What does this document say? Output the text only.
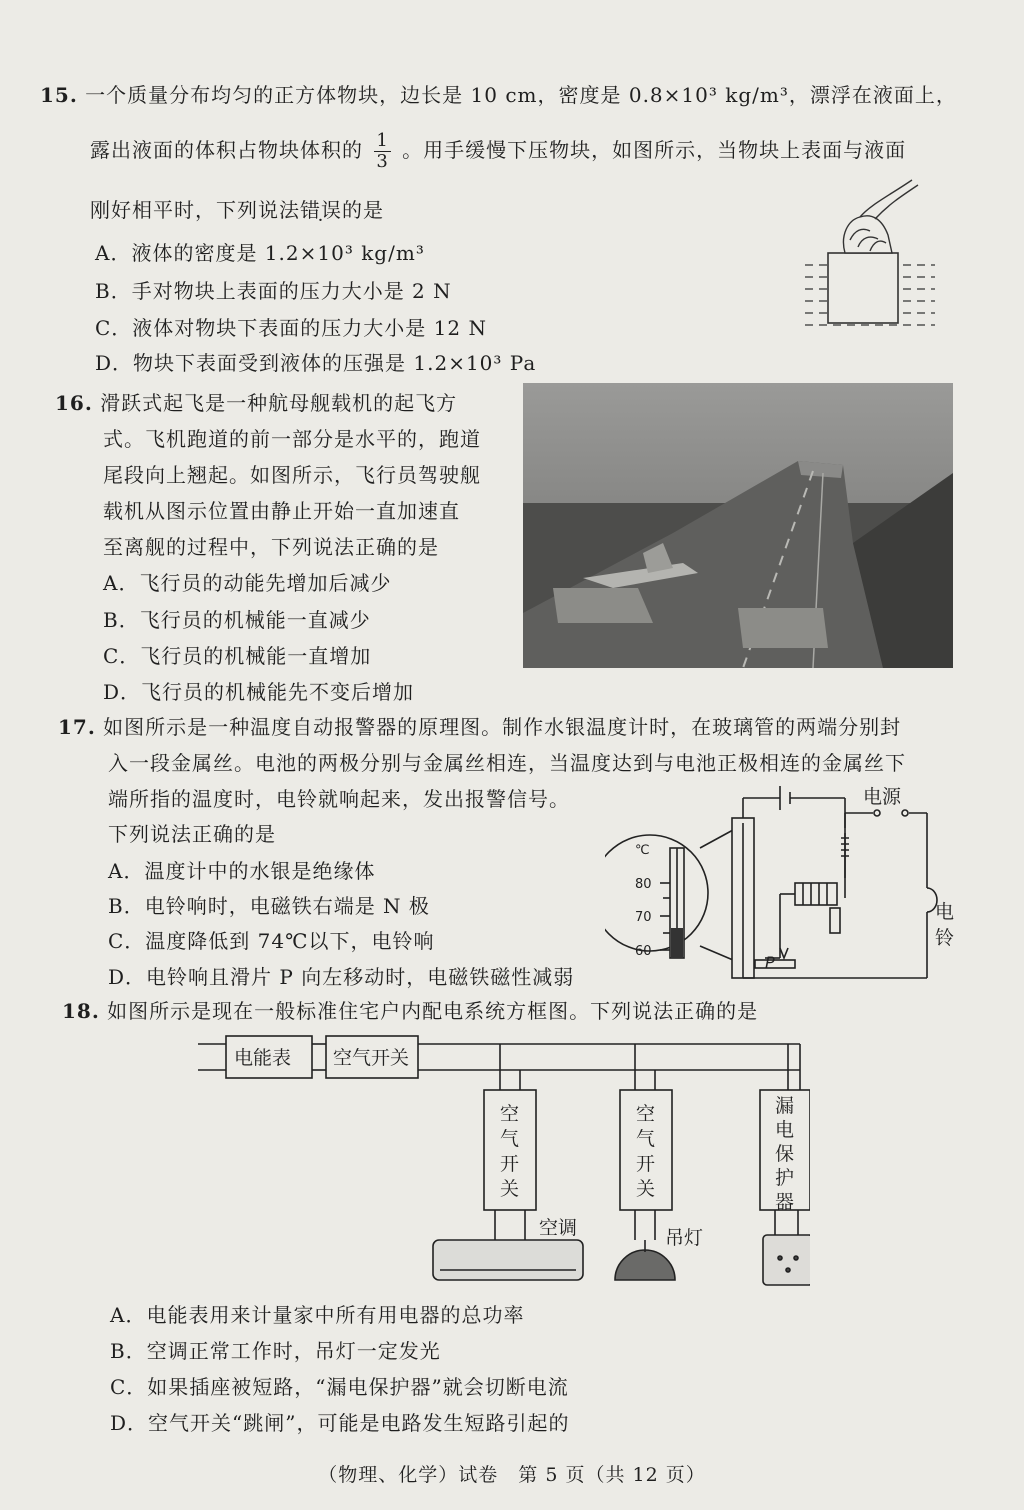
15. 一个质量分布均匀的正方体物块，边长是 10 cm，密度是 0.8×10³ kg/m³，漂浮在液面上，
露出液面的体积占物块体积的 $\frac{1}{3}$ 。用手缓慢下压物块，如图所示，当物块上表面与液面
刚好相平时，下列说法错误的是
A．液体的密度是 1.2×10³ kg/m³
B．手对物块上表面的压力大小是 2 N
C．液体对物块下表面的压力大小是 12 N
D．物块下表面受到液体的压强是 1.2×10³ Pa
16. 滑跃式起飞是一种航母舰载机的起飞方
式。飞机跑道的前一部分是水平的，跑道
尾段向上翘起。如图所示，飞行员驾驶舰
载机从图示位置由静止开始一直加速直
至离舰的过程中，下列说法正确的是
A．飞行员的动能先增加后减少
B．飞行员的机械能一直减少
C．飞行员的机械能一直增加
D．飞行员的机械能先不变后增加
17. 如图所示是一种温度自动报警器的原理图。制作水银温度计时，在玻璃管的两端分别封
入一段金属丝。电池的两极分别与金属丝相连，当温度达到与电池正极相连的金属丝下
端所指的温度时，电铃就响起来，发出报警信号。
下列说法正确的是
A．温度计中的水银是绝缘体
B．电铃响时，电磁铁右端是 N 极
C．温度降低到 74℃以下，电铃响
D．电铃响且滑片 P 向左移动时，电磁铁磁性减弱
℃
80
70
60
P
电源
电
铃
18. 如图所示是现在一般标准住宅户内配电系统方框图。下列说法正确的是
电能表 空气开关
空调	吊灯
空
气
开
关
空
气
开
关
漏
电
保
护
器
A．电能表用来计量家中所有用电器的总功率
B．空调正常工作时，吊灯一定发光
C．如果插座被短路，“漏电保护器”就会切断电流
D．空气开关“跳闸”，可能是电路发生短路引起的
（物理、化学）试卷　第 5 页（共 12 页）
